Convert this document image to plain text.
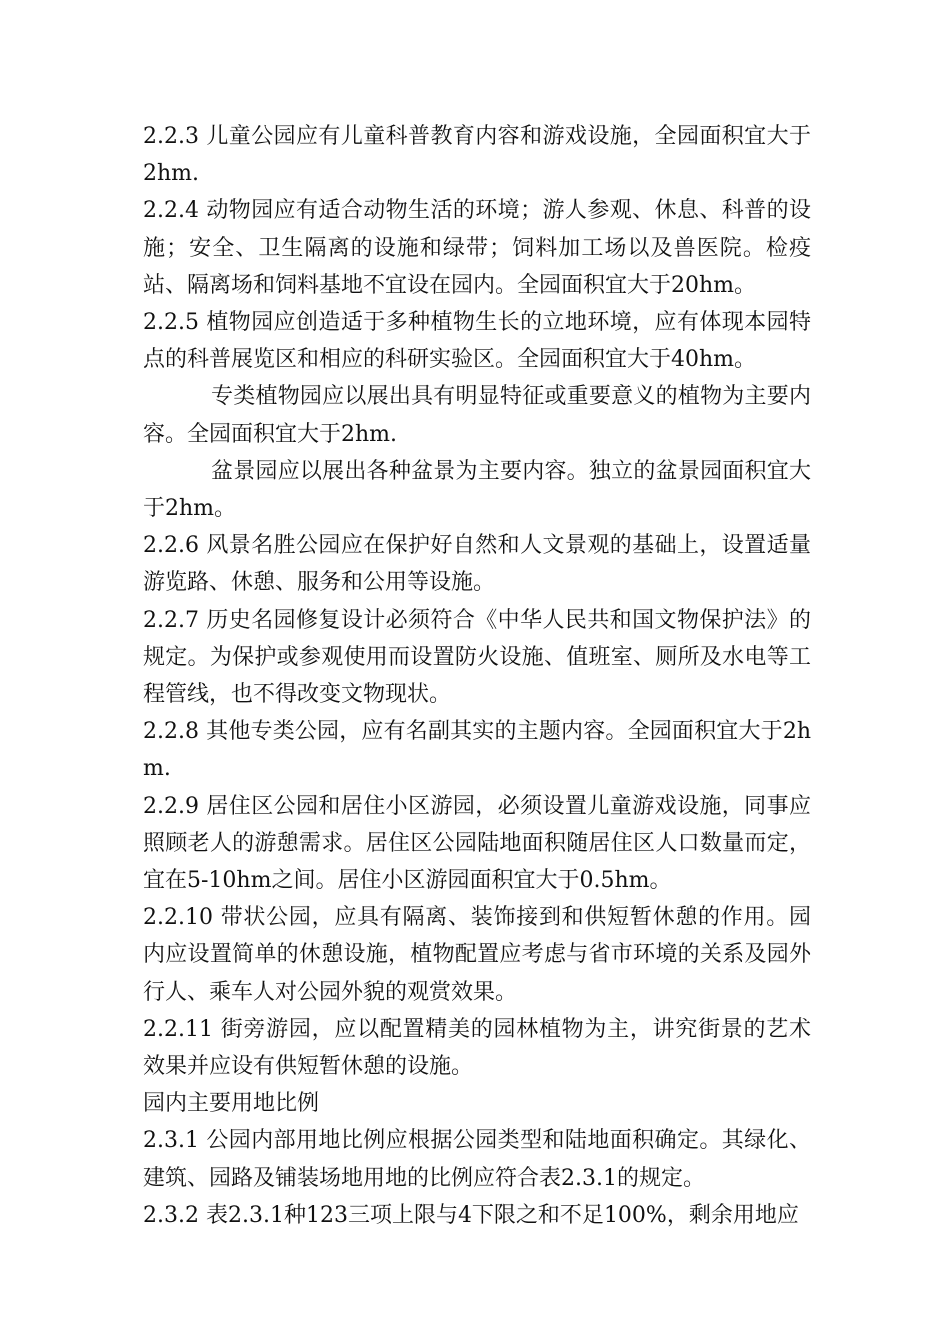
2.2.3 儿童公园应有儿童科普教育内容和游戏设施，全园面积宜大于2hm.

2.2.4 动物园应有适合动物生活的环境；游人参观、休息、科普的设施；安全、卫生隔离的设施和绿带；饲料加工场以及兽医院。检疫站、隔离场和饲料基地不宜设在园内。全园面积宜大于20hm。

2.2.5 植物园应创造适于多种植物生长的立地环境，应有体现本园特点的科普展览区和相应的科研实验区。全园面积宜大于40hm。

专类植物园应以展出具有明显特征或重要意义的植物为主要内容。全园面积宜大于2hm.

盆景园应以展出各种盆景为主要内容。独立的盆景园面积宜大于2hm。

2.2.6 风景名胜公园应在保护好自然和人文景观的基础上，设置适量游览路、休憩、服务和公用等设施。

2.2.7 历史名园修复设计必须符合《中华人民共和国文物保护法》的规定。为保护或参观使用而设置防火设施、值班室、厕所及水电等工程管线，也不得改变文物现状。

2.2.8 其他专类公园，应有名副其实的主题内容。全园面积宜大于2hm.

2.2.9 居住区公园和居住小区游园，必须设置儿童游戏设施，同事应照顾老人的游憩需求。居住区公园陆地面积随居住区人口数量而定，宜在5-10hm之间。居住小区游园面积宜大于0.5hm。

2.2.10 带状公园，应具有隔离、装饰接到和供短暂休憩的作用。园内应设置简单的休憩设施，植物配置应考虑与省市环境的关系及园外行人、乘车人对公园外貌的观赏效果。

2.2.11 街旁游园，应以配置精美的园林植物为主，讲究街景的艺术效果并应设有供短暂休憩的设施。

园内主要用地比例

2.3.1 公园内部用地比例应根据公园类型和陆地面积确定。其绿化、建筑、园路及铺装场地用地的比例应符合表2.3.1的规定。

2.3.2 表2.3.1种123三项上限与4下限之和不足100%，剩余用地应
